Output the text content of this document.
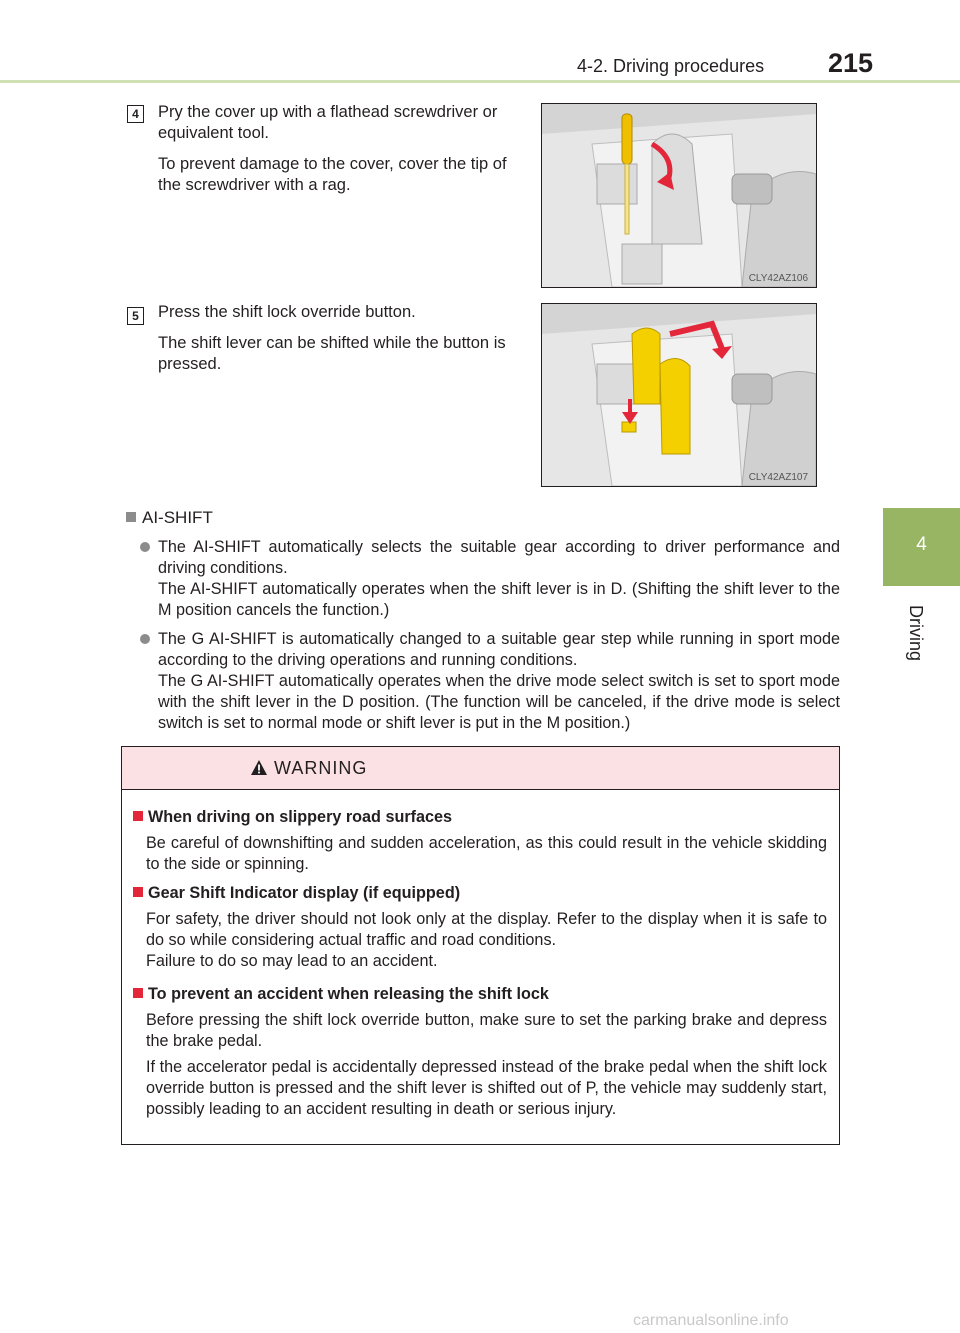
4-2. Driving procedures 215
4
Driving
4	Pry the cover up with a flathead screwdriver or equivalent tool.

To prevent damage to the cover, cover the tip of the screwdriver with a rag.

CLY42AZ106
5	Press the shift lock override button.

The shift lever can be shifted while the button is pressed.

CLY42AZ107
AI-SHIFT
The AI-SHIFT automatically selects the suitable gear according to driver performance and driving conditions.
The AI-SHIFT automatically operates when the shift lever is in D. (Shifting the shift lever to the M position cancels the function.)
The G AI-SHIFT is automatically changed to a suitable gear step while running in sport mode according to the driving operations and running conditions.
The G AI-SHIFT automatically operates when the drive mode select switch is set to sport mode with the shift lever in the D position. (The function will be canceled, if the drive mode is select switch is set to normal mode or shift lever is put in the M position.)
WARNING
When driving on slippery road surfaces

Be careful of downshifting and sudden acceleration, as this could result in the vehicle skidding to the side or spinning.

Gear Shift Indicator display (if equipped)

For safety, the driver should not look only at the display. Refer to the display when it is safe to do so while considering actual traffic and road conditions.
Failure to do so may lead to an accident.

To prevent an accident when releasing the shift lock

Before pressing the shift lock override button, make sure to set the parking brake and depress the brake pedal.

If the accelerator pedal is accidentally depressed instead of the brake pedal when the shift lock override button is pressed and the shift lever is shifted out of P, the vehicle may suddenly start, possibly leading to an accident resulting in death or serious injury.

carmanualsonline.info
